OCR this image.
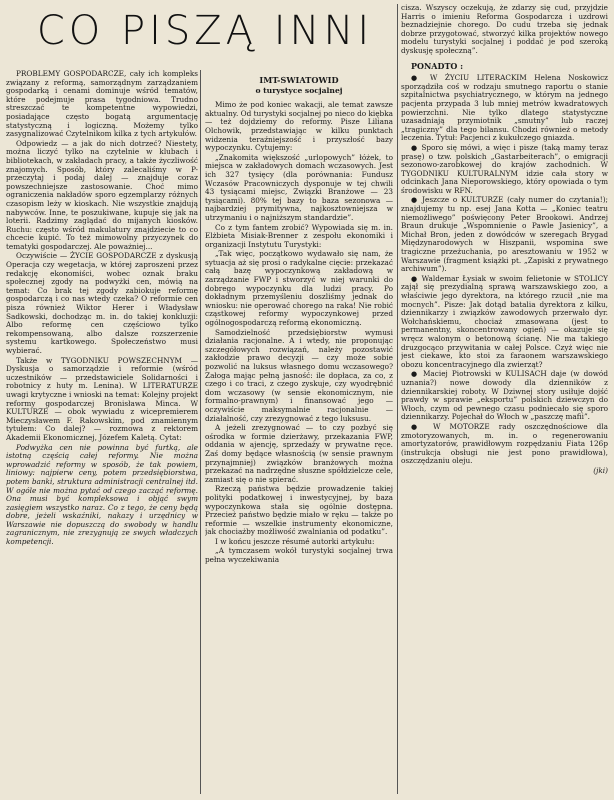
CO PISZĄ INNI

PROBLEMY GOSPODARCZE, cały ich kompleks związany z reformą, samorządnym zarządzaniem gospodarką i cenami dominuje wśród tematów, które podejmuje prasa tygodniowa. Trudno streszczać te kompetentne wypowiedzi, posiadające często bogatą argumentację statystyczną i logiczną. Możemy tylko zasygnalizować Czytelnikom kilka z tych artykułów.

Odpowiedz — a jak do nich dotrzeć? Niestety, można liczyć tylko na czytelnie w klubach i bibliotekach, w zakładach pracy, a także życzliwość znajomych. Sposób, który zalecaliśmy w P- przeczytaj i podaj dalej — znajduje coraz powszechniejsze zastosowanie. Choć mimo ograniczenia nakładów sporo egzemplarzy różnych czasopism leży w kioskach. Nie wszystkie znajdują nabywców. Inne, te poszukiwane, kupuje się jak na loterii. Radzimy zaglądać do mijanych kiosków. Ruchu: często wśród makulatury znajdziecie to co chcecie kupić. To też mimowolny przyczynek do tematyki gospodarczej. Ale poważniej...

Oczywiście — ŻYCIE GOSPODARCZE z dyskusją Operacja czy wegetacja, w której zaproszeni przez redakcję ekonomiści, wobec oznak braku społecznej zgody na podwyżki cen, mówią na temat: Co brak tej zgody zabiokuje reformę gospodarczą i co nas wtedy czeka? O reformie cen pisza również Wiktor Herer i Władysław Sadkowski, dochodząc m. in. do takiej konkluzji: Albo reformę cen częściowo tylko rekompensowaną, albo dalsze rozszerzenie systemu kartkowego. Społeczeństwo musi wybierać.

Także w TYGODNIKU POWSZECHNYM — Dyskusja o samorządzie i reformie (wśród uczestników — przedstawiciele Solidarności i robotnicy z huty m. Lenina). W LITERATURZE uwagi krytyczne i wnioski na temat: Kolejny projekt reformy gospodarczej Bronisława Minca. W KULTURZE — obok wywiadu z wicepremierem Mieczysławem F. Rakowskim, pod znamiennym tytułem: Co dalej? — rozmowa z rektorem Akademii Ekonomicznej, Józefem Kaletą. Cytat:

Podwyżka cen nie powinna być furtką, ale istotną częścią całej reformy. Nie można wprowadzić reformy w sposób, że tak powiem, liniowy: najpierw ceny, potem przedsiębiorstwa, potem banki, struktura administracji centralnej itd. W ogóle nie można pytać od czego zacząć reformę. Ona musi być kompleksowa i objąć swym zasięgiem wszystko naraz. Co z tego, że ceny będą dobre, jeżeli wskaźniki, nakazy i urzędnicy w Warszawie nie dopuszczą do swobody w handlu zagranicznym, nie zrezygnują ze swych władczych kompetencji.

IMT-ŚWIATOWID
o turystyce socjalnej

Mimo że pod koniec wakacji, ale temat zawsze aktualny. Od turystyki socjalnej po nieco do kiębka — też dojdziemy do reformy. Pisze Liliana Olchowik, przedstawiając w kilku punktach widzenia teraźniejszość i przyszłość bazy wypoczynku. Cytujemy:

„Znakomita większość „urlopowych” łóżek, to miejsca w zakładowych domach wczasowych. Jest ich 327 tysięcy (dla porównania: Fundusz Wczasów Pracowniczych dysponuje w tej chwili 43 tysiącami miejsc, Związki Branżowe — 23 tysiącami). 80% tej bazy to baza sezonowa — najbardziej prymitywna, najkosztowniejsza w utrzymaniu i o najniższym standardzie”.

Co z tym fantem zrobić? Wypowiada się m. in. Elżbieta Misiak-Brenner z zespołu ekonomiki i organizacji Instytutu Turystyki:

„Tak więc, początkowo wydawało się nam, że sytuacja aż się prosi o radykalne cięcie: przekazać całą bazę wypoczynkową zakładową w zarządzanie FWP i stworzyć w niej warunki do dobrego wypoczynku dla ludzi pracy. Po dokładnym przemyśleniu doszliśmy jednak do wniosku: nie operować chorego na raka! Nie robić cząstkowej reformy wypoczynkowej przed ogólnogospodarczą reformą ekonomiczną.

Samodzielność przedsiębiorstw wymusi działania racjonalne. A i wtedy, nie proponując szczegółowych rozwiązań, należy pozostawić zakłodzie prawo decyzji — czy może sobie pozwolić na luksus własnego domu wczasowego? Załoga mając pełną jasność: ile dopłaca, za co, z czego i co traci, z czego zyskuje, czy wyodrębnić dom wczasowy (w sensie ekonomicznym, nie formalno-prawnym) i finansować jego — oczywiście maksymalnie racjonalnie — działalność, czy zrezygnować z tego luksusu.

A jeżeli zrezygnować — to czy pozbyć się ośrodka w formie dzierżawy, przekazania FWP, oddania w ajencję, sprzedaży w prywatne ręce. Zaś domy będące własnością (w sensie prawnym przynajmniej) związków branżowych można przekazać na nadrzędne słuszne spółdzielcze cele, zamiast się o nie spierać.

Rzeczą państwa będzie prowadzenie takiej polityki podatkowej i inwestycyjnej, by baza wypoczynkowa stała się ogólnie dostępna. Przecież państwo będzie miało w ręku — także po reformie — wszelkie instrumenty ekonomiczne, jak chociażby możliwość zwalniania od podatku”.

I w końcu jeszcze résumé autorki artykułu:

„A tymczasem wokół turystyki socjalnej trwa pełna wyczekiwania

cisza. Wszyscy oczekują, że zdarzy się cud, przyjdzie Harris o imieniu Reforma Gospodarcza i uzdrowi beznadziejnie chorego. Do cudu trzeba się jednak dobrze przygotować, stworzyć kilka projektów nowego modelu turystyki socjalnej i poddać je pod szeroką dyskusję społeczną”.

PONADTO :

● W ŻYCIU LITERACKIM Helena Noskowicz sporządziła coś w rodzaju smutnego raportu o stanie szpitalnictwa psychiatrycznego, w którym na jednego pacjenta przypada 3 lub mniej metrów kwadratowych powierzchni. Nie tylko dlatego statystyczne uzasadniają przymiotnik „smutny” lub raczej „tragiczny” dla tego bilansu. Chodzi również o metody leczenia. Tytuł: Pacjenci z kukułczego gniazda.

● Sporo się mówi, a więc i pisze (taką mamy teraz prasę) o tzw. polskich „Gastarbeiterach”, o emigracji sezonowo-zarobkowej do krajów zachodnich. W TYGODNIKU KULTURALNYM idzie cała story w odcinkach Jana Nieporowskiego, który opowiada o tym środowisku w RFN.

● Jeszcze o KULTURZE (cały numer do czytania!); znajdujemy tu np. esej Jana Kotta — „Koniec teatru niemożliwego” poświęcony Peter Brookowi. Andrzej Braun drukuje „Wspomnienie o Pawle Jasienicy”, a Michał Bron, jeden z dowódców w szeregach Brygad Międzynarodowych w Hiszpanii, wspomina swe tragiczne przeżuchania, po aresztowaniu w 1952 w Warszawie (fragment książki pt. „Zapiski z prywatnego archiwum”).

● Waldemar Łysiak w swoim felietonie w STOLICY zajął się prezydialną sprawą warszawskiego zoo, a właściwie jego dyrektora, na którego rzucił „nie ma mocnych”. Pisze: Jak dotąd batalia dyrektora z kilku, dziennikarzy i związków zawodowych przerwało dyr. Wołchańskiemu, chociaż zmasowana (jest to permanentny, skoncentrowany ogień) — okazuje się wręcz walonym o betonową ścianę. Nie ma takiego druzgocąco przywitania w całej Polsce. Czyż więc nie jest ciekawe, kto stoi za faraonem warszawskiego obozu koncentracyjnego dla zwierząt?

● Maciej Piotrowski w KULISACH daje (w dowód uznania?) nowe dowody dla dzienników z dziennikarskiej roboty. W Dziwnej story usiłuje dojść prawdy w sprawie „eksportu” polskich dziewczyn do Włoch, czym od pewnego czasu podniecało się sporo dziennikarzy. Pojechał do Włoch w „paszczę mafii”.

● W MOTORZE rady oszczędnościowe dla zmotoryzowanych, m. in. o regenerowaniu amortyzatorów, prawidłowym rozpędzaniu Fiata 126p (instrukcja obsługi nie jest pono prawidłowa), oszczędzaniu oleju.

(jki)
